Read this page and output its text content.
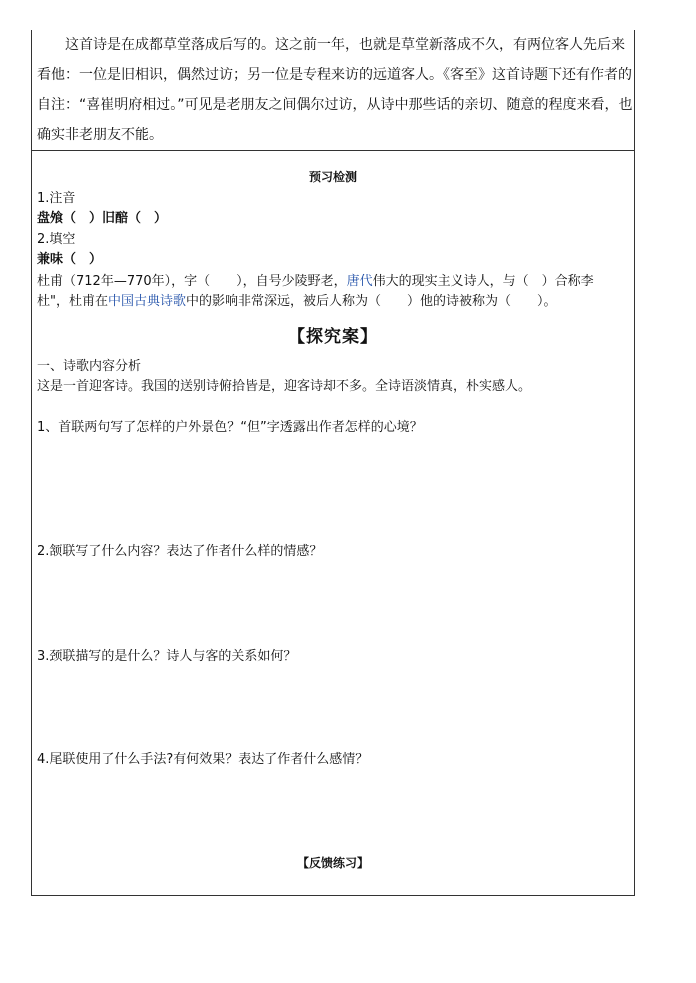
这首诗是在成都草堂落成后写的。这之前一年，也就是草堂新落成不久，有两位客人先后来看他：一位是旧相识，偶然过访；另一位是专程来访的远道客人。《客至》这首诗题下还有作者的自注：“喜崔明府相过。”可见是老朋友之间偶尔过访，从诗中那些话的亲切、随意的程度来看，也确实非老朋友不能。

预习检测
1.注音
盘飧（　）旧醅（　）
2.填空
兼味（　）

杜甫（712年—770年），字（　　），自号少陵野老，唐代伟大的现实主义诗人，与（　）合称李
杜"，杜甫在中国古典诗歌中的影响非常深远，被后人称为（　　）他的诗被称为（　　）。

【探究案】
一、诗歌内容分析
这是一首迎客诗。我国的送别诗俯拾皆是，迎客诗却不多。全诗语淡情真，朴实感人。
1、首联两句写了怎样的户外景色？“但”字透露出作者怎样的心境？
2.颔联写了什么内容？表达了作者什么样的情感？
3.颈联描写的是什么？诗人与客的关系如何？
4.尾联使用了什么手法?有何效果？表达了作者什么感情？
【反馈练习】
